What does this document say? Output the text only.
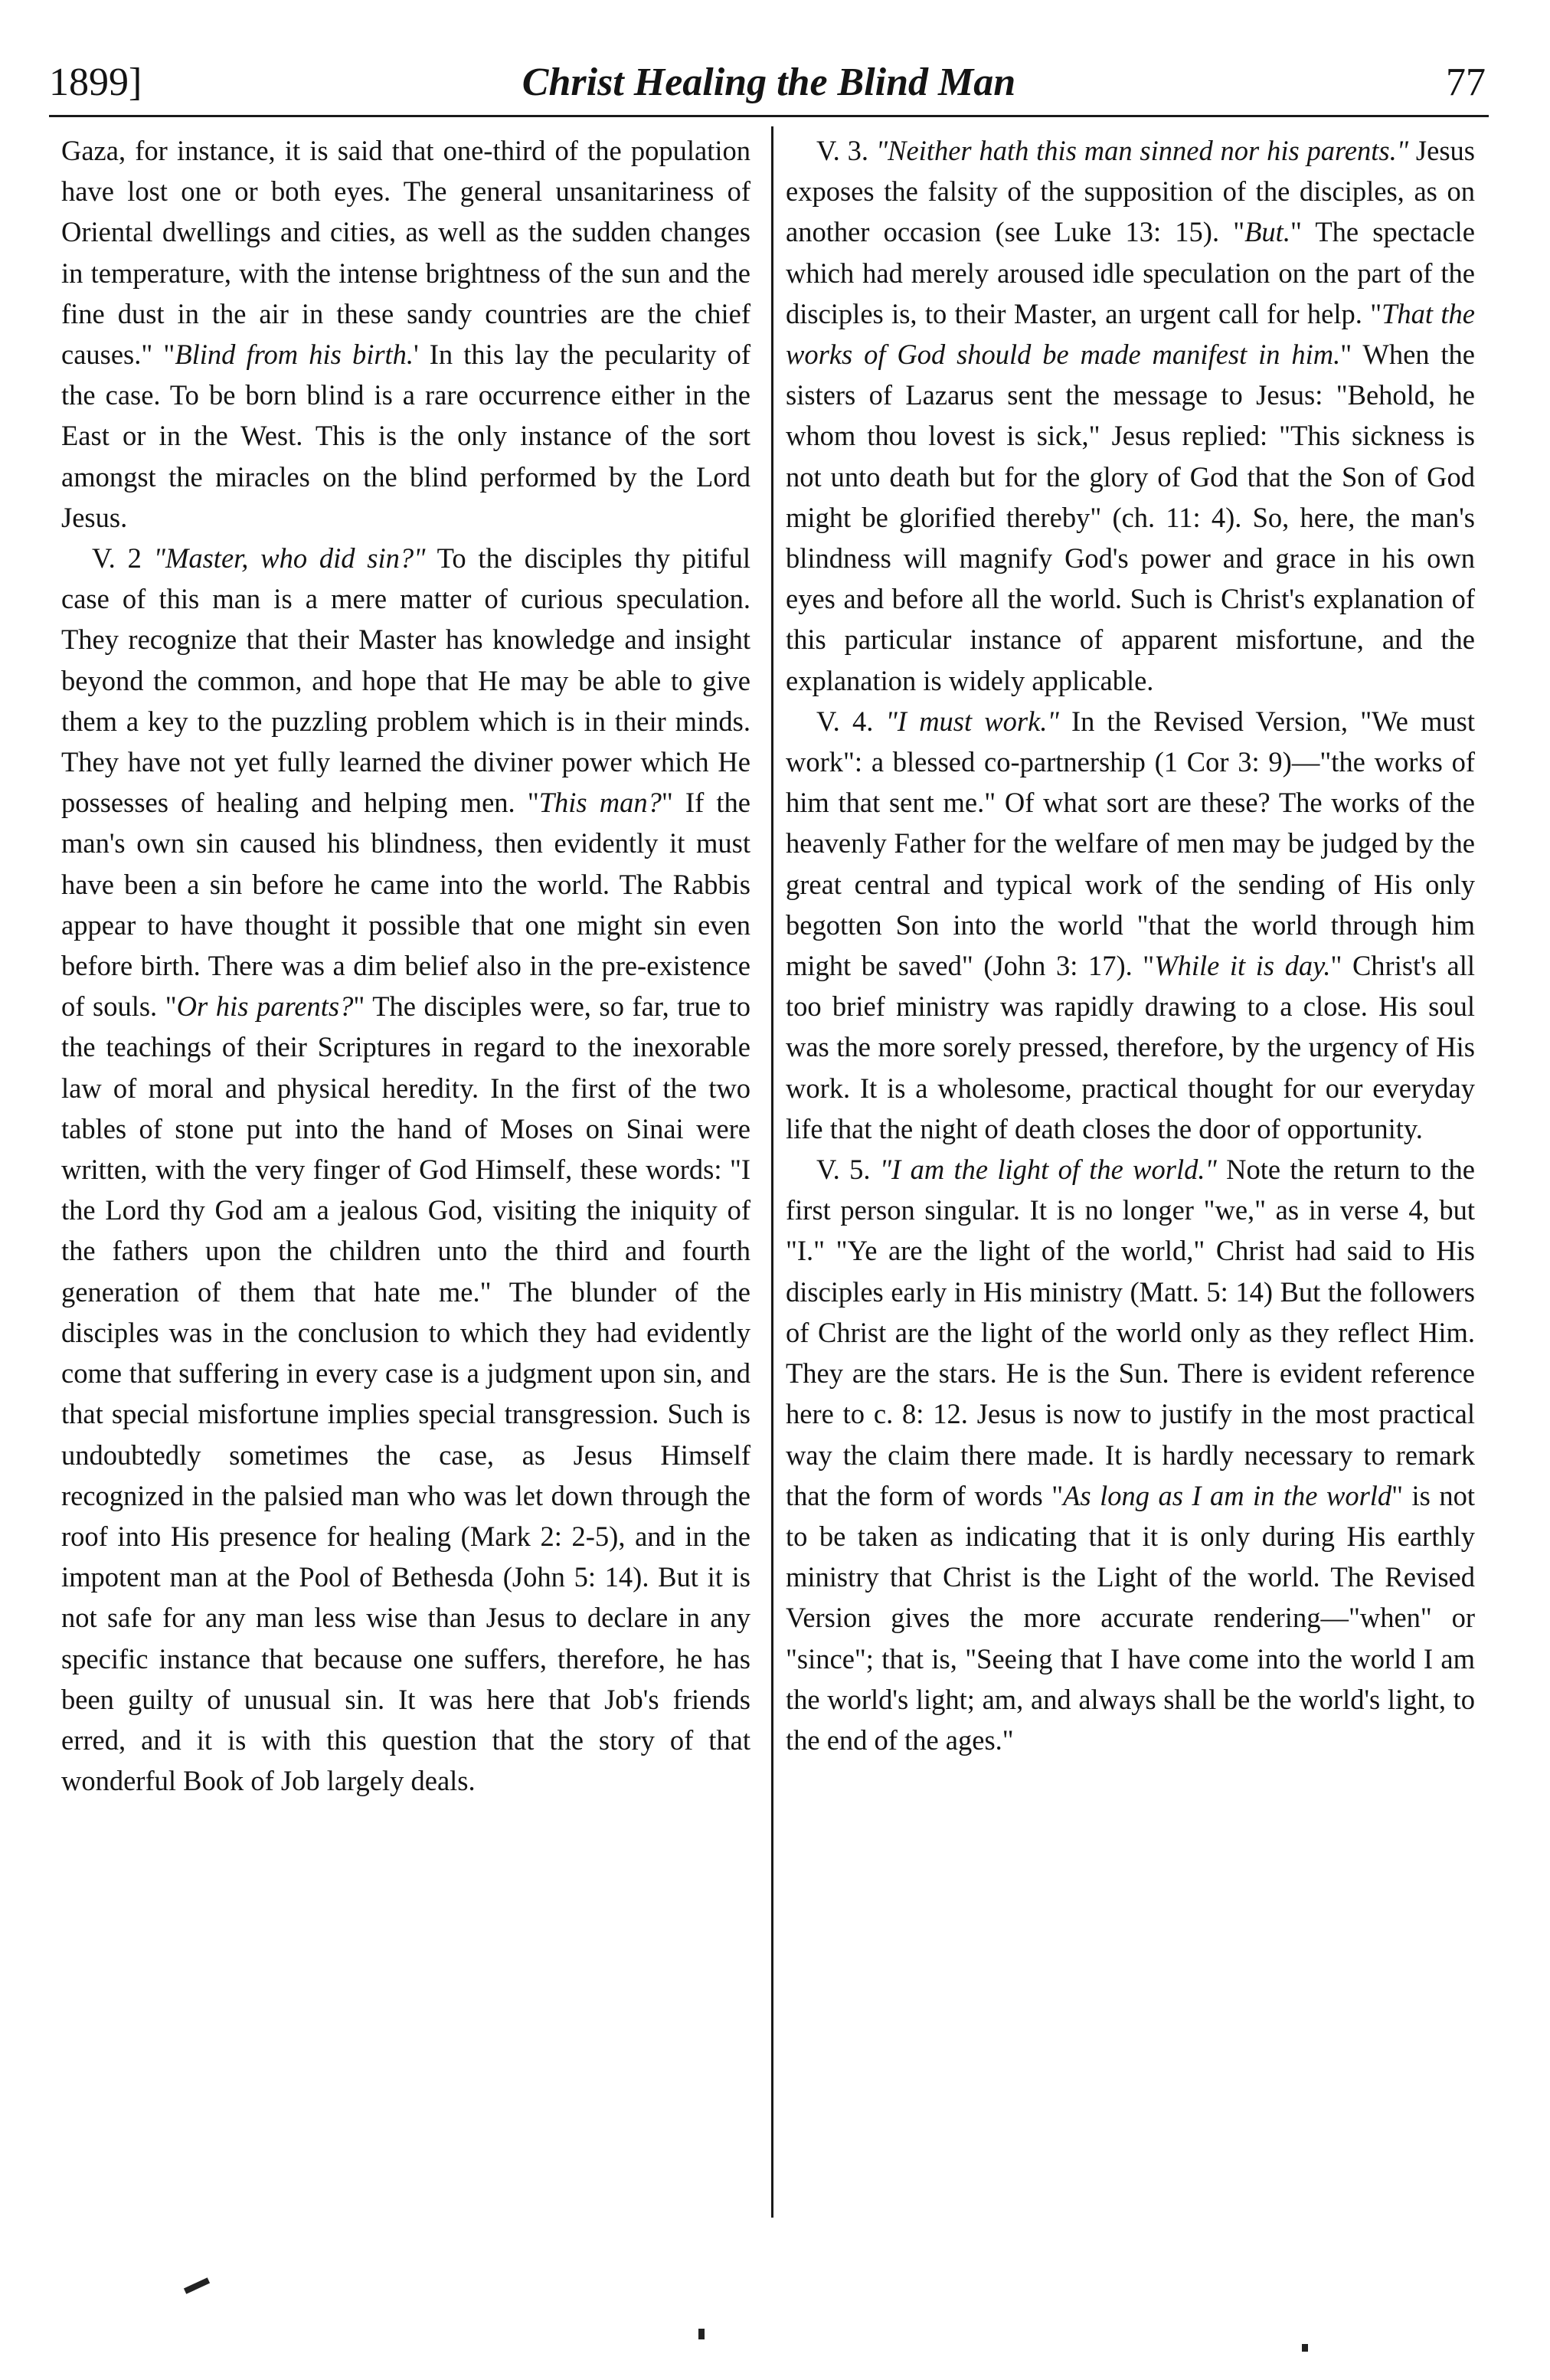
1899]	Christ Healing the Blind Man	77

Gaza, for instance, it is said that one-third of the population have lost one or both eyes. The general unsanitariness of Oriental dwellings and cities, as well as the sudden changes in temperature, with the intense brightness of the sun and the fine dust in the air in these sandy countries are the chief causes." "Blind from his birth.' In this lay the pecularity of the case. To be born blind is a rare occurrence either in the East or in the West. This is the only instance of the sort amongst the miracles on the blind performed by the Lord Jesus.

V. 2 "Master, who did sin?" To the disciples thy pitiful case of this man is a mere matter of curious speculation. They recognize that their Master has knowledge and insight beyond the common, and hope that He may be able to give them a key to the puzzling problem which is in their minds. They have not yet fully learned the diviner power which He possesses of healing and helping men. "This man?" If the man's own sin caused his blindness, then evidently it must have been a sin before he came into the world. The Rabbis appear to have thought it possible that one might sin even before birth. There was a dim belief also in the pre-existence of souls. "Or his parents?" The disciples were, so far, true to the teachings of their Scriptures in regard to the inexorable law of moral and physical heredity. In the first of the two tables of stone put into the hand of Moses on Sinai were written, with the very finger of God Himself, these words: "I the Lord thy God am a jealous God, visiting the iniquity of the fathers upon the children unto the third and fourth generation of them that hate me." The blunder of the disciples was in the conclusion to which they had evidently come that suffering in every case is a judgment upon sin, and that special misfortune implies special transgression. Such is undoubtedly sometimes the case, as Jesus Himself recognized in the palsied man who was let down through the roof into His presence for healing (Mark 2: 2-5), and in the impotent man at the Pool of Bethesda (John 5: 14). But it is not safe for any man less wise than Jesus to declare in any specific instance that because one suffers, therefore, he has been guilty of unusual sin. It was here that Job's friends erred, and it is with this question that the story of that wonderful Book of Job largely deals.

V. 3. "Neither hath this man sinned nor his parents." Jesus exposes the falsity of the supposition of the disciples, as on another occasion (see Luke 13: 15). "But." The spectacle which had merely aroused idle speculation on the part of the disciples is, to their Master, an urgent call for help. "That the works of God should be made manifest in him." When the sisters of Lazarus sent the message to Jesus: "Behold, he whom thou lovest is sick," Jesus replied: "This sickness is not unto death but for the glory of God that the Son of God might be glorified thereby" (ch. 11: 4). So, here, the man's blindness will magnify God's power and grace in his own eyes and before all the world. Such is Christ's explanation of this particular instance of apparent misfortune, and the explanation is widely applicable.

V. 4. "I must work." In the Revised Version, "We must work": a blessed co-partnership (1 Cor 3: 9)—"the works of him that sent me." Of what sort are these? The works of the heavenly Father for the welfare of men may be judged by the great central and typical work of the sending of His only begotten Son into the world "that the world through him might be saved" (John 3: 17). "While it is day." Christ's all too brief ministry was rapidly drawing to a close. His soul was the more sorely pressed, therefore, by the urgency of His work. It is a wholesome, practical thought for our everyday life that the night of death closes the door of opportunity.

V. 5. "I am the light of the world." Note the return to the first person singular. It is no longer "we," as in verse 4, but "I." "Ye are the light of the world," Christ had said to His disciples early in His ministry (Matt. 5: 14) But the followers of Christ are the light of the world only as they reflect Him. They are the stars. He is the Sun. There is evident reference here to c. 8: 12. Jesus is now to justify in the most practical way the claim there made. It is hardly necessary to remark that the form of words "As long as I am in the world" is not to be taken as indicating that it is only during His earthly ministry that Christ is the Light of the world. The Revised Version gives the more accurate rendering—"when" or "since"; that is, "Seeing that I have come into the world I am the world's light; am, and always shall be the world's light, to the end of the ages."
